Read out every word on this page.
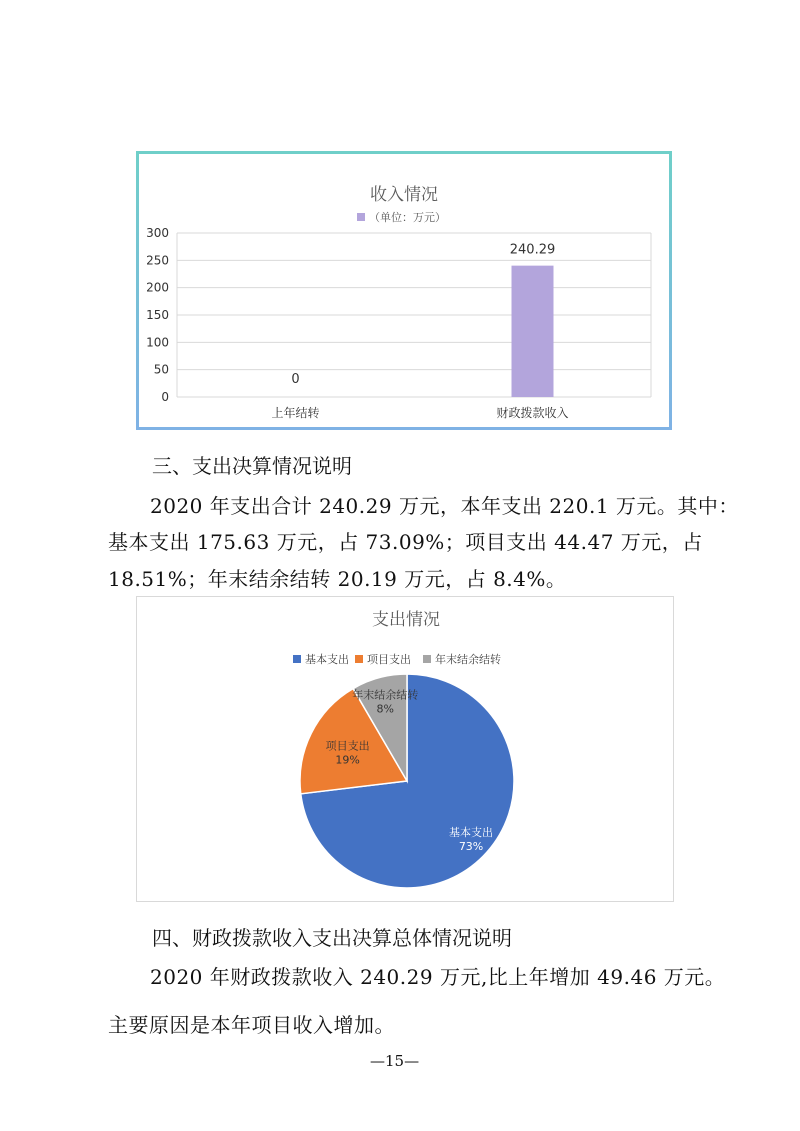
收入情况
（单位：万元）
0
50
100
150
200
250
300
0
240.29
上年结转	财政拨款收入
三、支出决算情况说明
2020 年支出合计 240.29 万元，本年支出 220.1 万元。其中：
基本支出 175.63 万元，占 73.09%；项目支出 44.47 万元，占
18.51%；年末结余结转 20.19 万元，占 8.4%。
支出情况
基本支出 项目支出 年末结余结转
基本支出
73%
项目支出
19%
年末结余结转
8%
四、财政拨款收入支出决算总体情况说明
2020 年财政拨款收入 240.29 万元,比上年增加 49.46 万元。
主要原因是本年项目收入增加。
—15—
